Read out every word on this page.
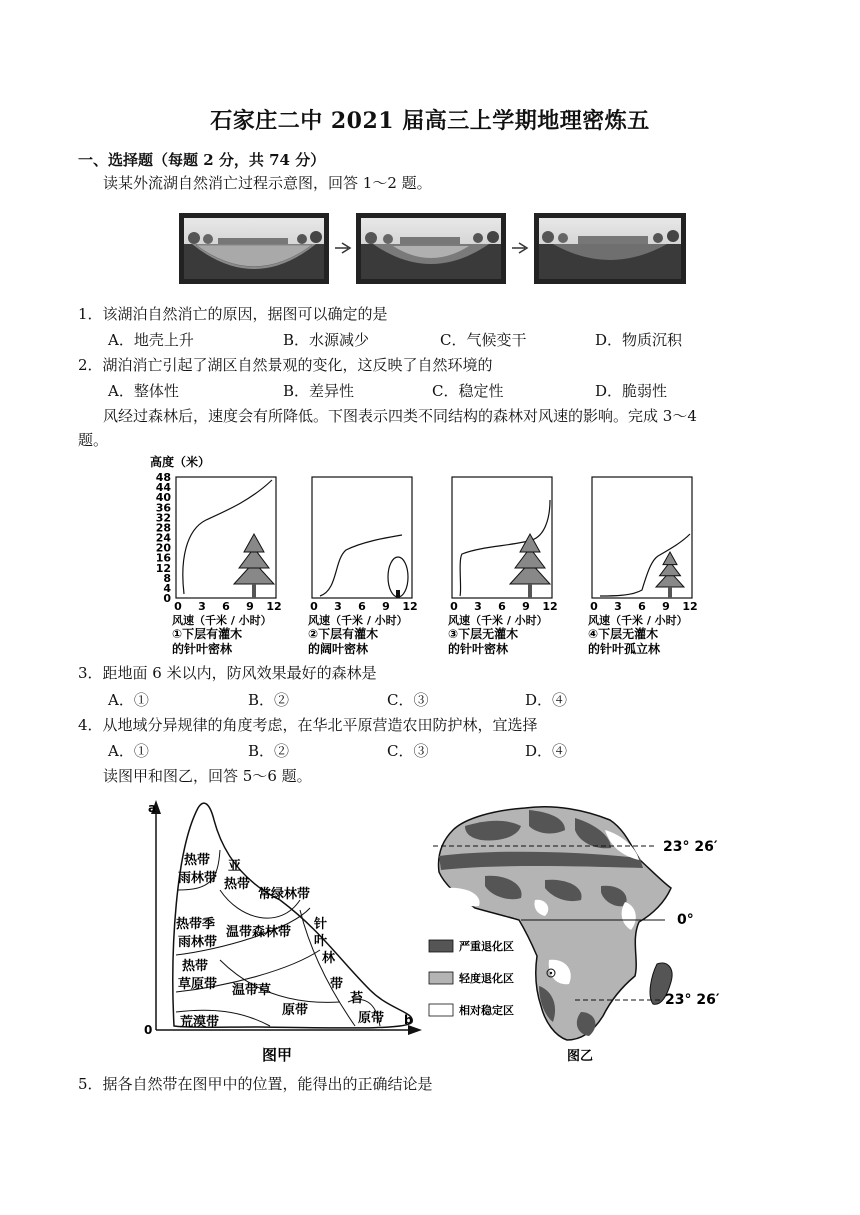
石家庄二中 2021 届高三上学期地理密炼五
一、选择题（每题 2 分，共 74 分）
读某外流湖自然消亡过程示意图，回答 1～2 题。
1．该湖泊自然消亡的原因，据图可以确定的是
A．地壳上升	B．水源减少	C．气候变干	D．物质沉积
2．湖泊消亡引起了湖区自然景观的变化，这反映了自然环境的
A．整体性	B．差异性	C．稳定性	D．脆弱性
风经过森林后，速度会有所降低。下图表示四类不同结构的森林对风速的影响。完成 3～4
题。
高度（米）
48
44
40
36
32
28
24
20
16
12
8
4
0
0 3 6 9 12
风速（千米 / 小时）
①下层有灌木
的针叶密林
0 3 6 9 12
风速（千米 / 小时）
②下层有灌木
的阔叶密林
0 3 6 9 12
风速（千米 / 小时）
③下层无灌木
的针叶密林
0 3 6 9 12
风速（千米 / 小时）
④下层无灌木
的针叶孤立林
3．距地面 6 米以内，防风效果最好的森林是
A．①	B．②	C．③	D．④
4．从地域分异规律的角度考虑，在华北平原营造农田防护林，宜选择
A．①	B．②	C．③	D．④
读图甲和图乙，回答 5～6 题。
a
b
0
热带
雨林带
亚
热带
常绿林带
热带季
雨林带
温带森林带
针
叶
林
带
热带
草原带 温带草
原带
苔
原带
荒漠带
图甲
23° 26′
0°
23° 26′
严重退化区
轻度退化区
相对稳定区
图乙
5．据各自然带在图甲中的位置，能得出的正确结论是
